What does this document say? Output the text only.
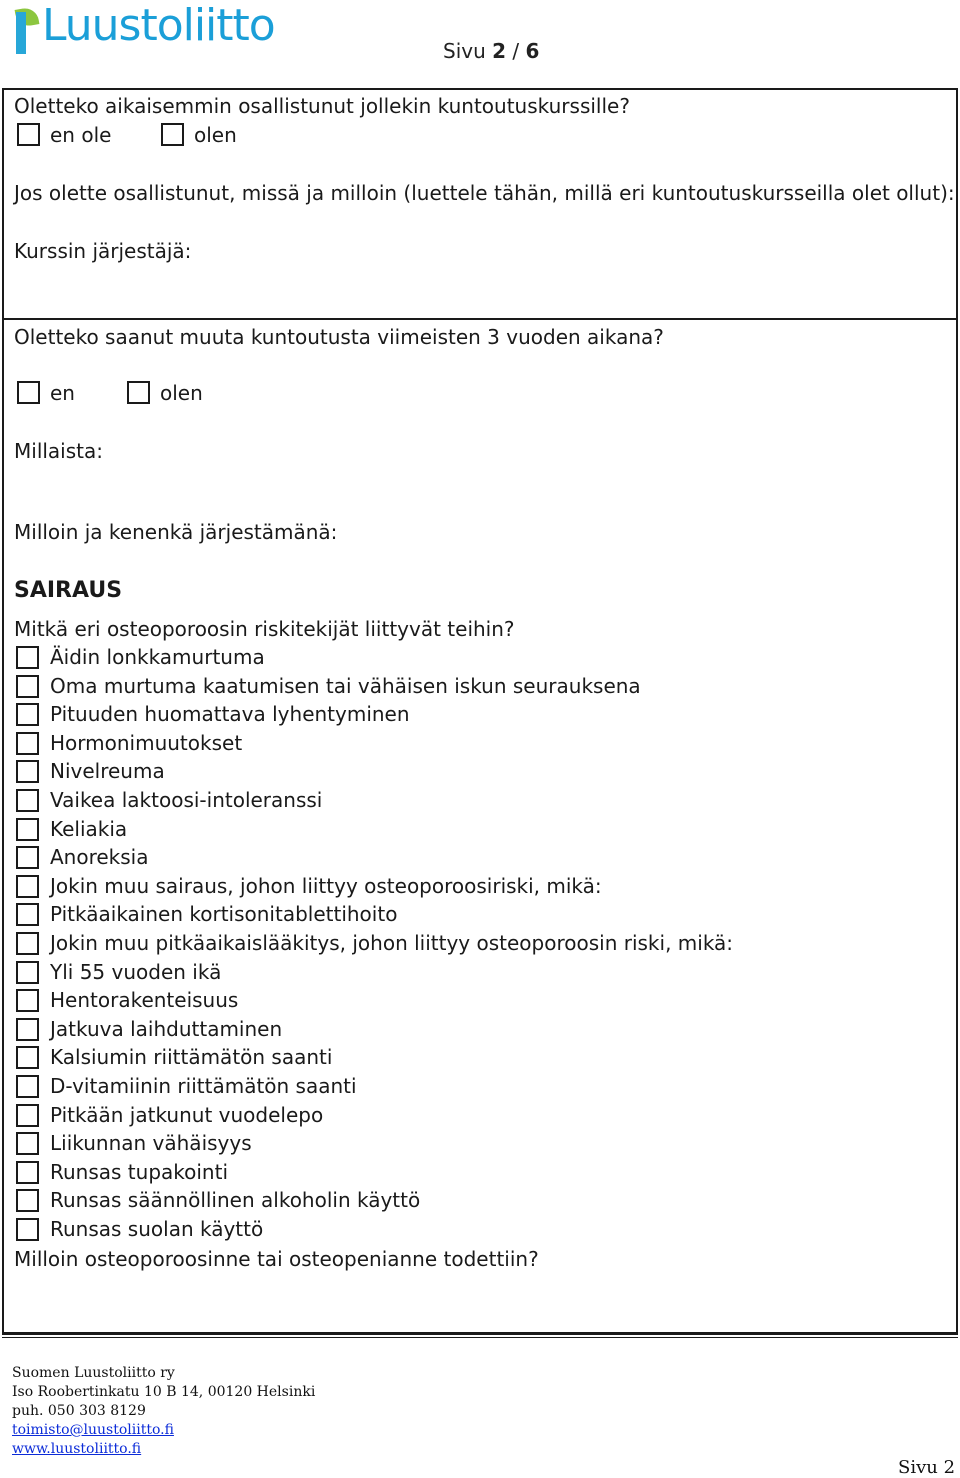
Luustoliitto	Sivu 2 / 6
Oletteko aikaisemmin osallistunut jollekin kuntoutuskurssille?
en ole	olen
Jos olette osallistunut, missä ja milloin (luettele tähän, millä eri kuntoutuskursseilla olet ollut):
Kurssin järjestäjä:
Oletteko saanut muuta kuntoutusta viimeisten 3 vuoden aikana?
en	olen
Millaista:
Milloin ja kenenkä järjestämänä:
SAIRAUS
Mitkä eri osteoporoosin riskitekijät liittyvät teihin?
Äidin lonkkamurtuma
Oma murtuma kaatumisen tai vähäisen iskun seurauksena
Pituuden huomattava lyhentyminen
Hormonimuutokset
Nivelreuma
Vaikea laktoosi-intoleranssi
Keliakia
Anoreksia
Jokin muu sairaus, johon liittyy osteoporoosiriski, mikä:
Pitkäaikainen kortisonitablettihoito
Jokin muu pitkäaikaislääkitys, johon liittyy osteoporoosin riski, mikä:
Yli 55 vuoden ikä
Hentorakenteisuus
Jatkuva laihduttaminen
Kalsiumin riittämätön saanti
D-vitamiinin riittämätön saanti
Pitkään jatkunut vuodelepo
Liikunnan vähäisyys
Runsas tupakointi
Runsas säännöllinen alkoholin käyttö
Runsas suolan käyttö
Milloin osteoporoosinne tai osteopenianne todettiin?
Suomen Luustoliitto ry
Iso Roobertinkatu 10 B 14, 00120 Helsinki
puh. 050 303 8129
toimisto@luustoliitto.fi
www.luustoliitto.fi
Sivu 2
